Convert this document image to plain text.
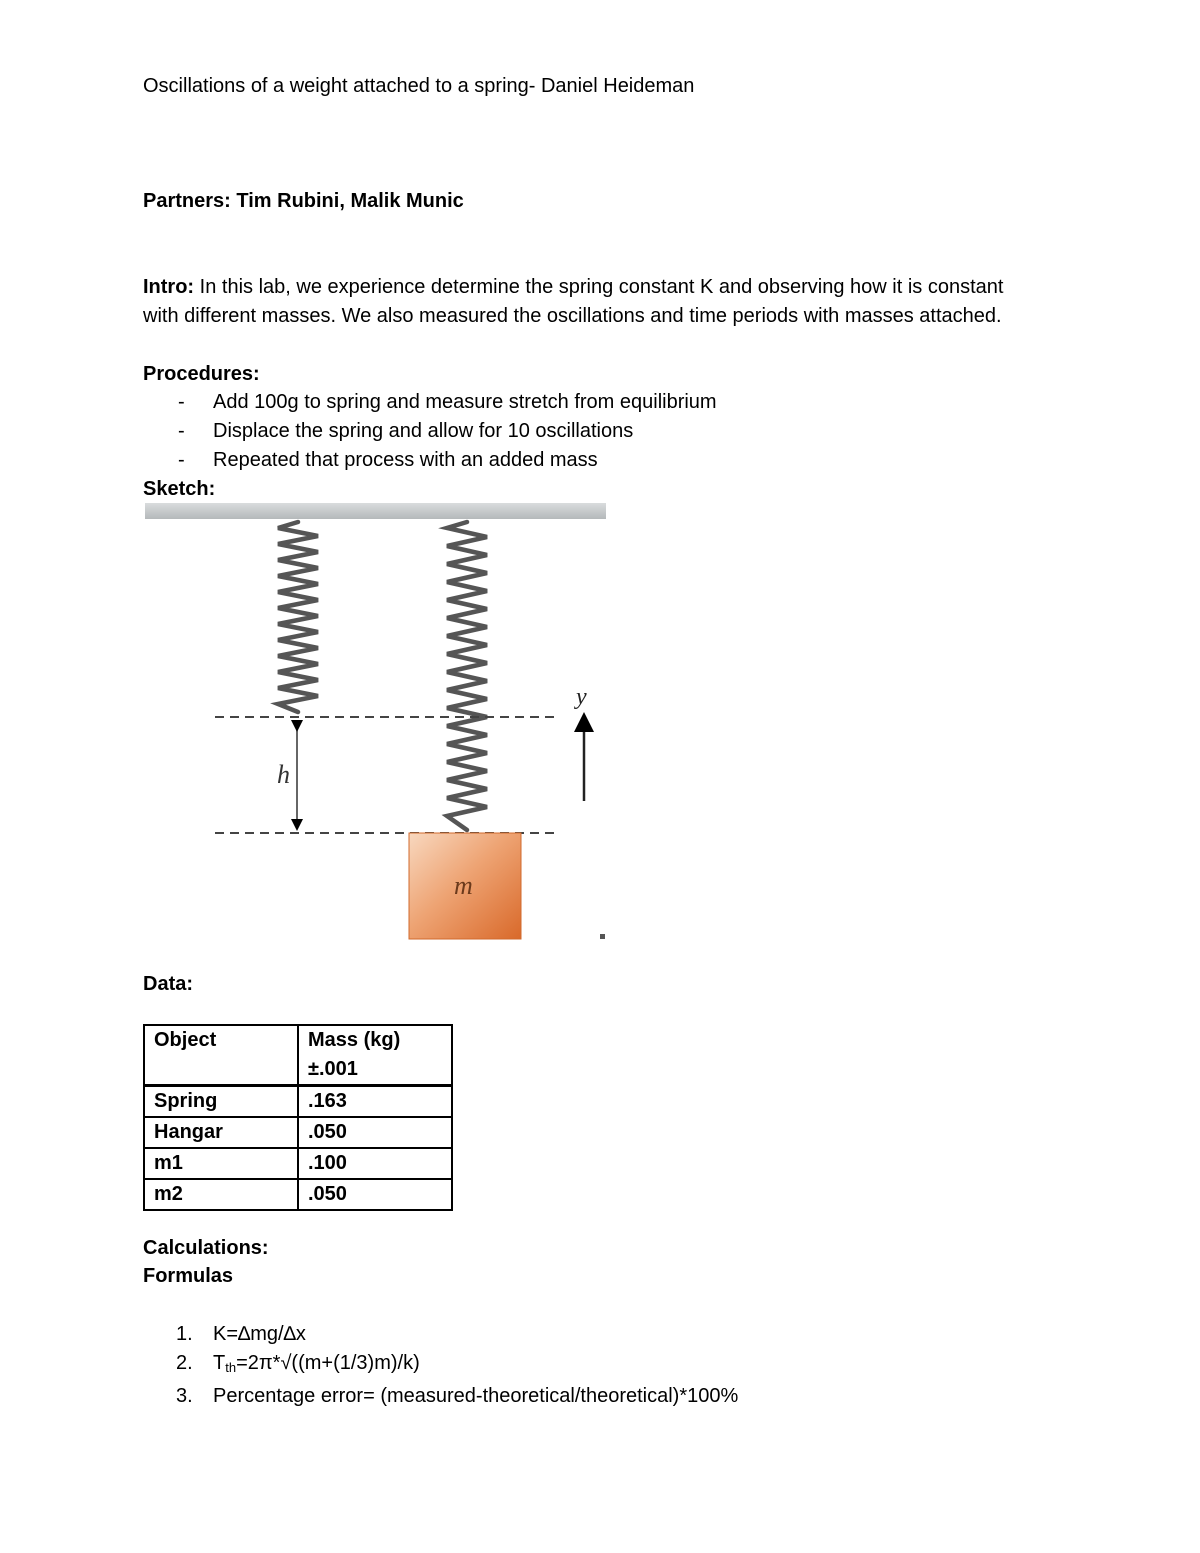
Oscillations of a weight attached to a spring- Daniel Heideman
Partners: Tim Rubini, Malik Munic
Intro: In this lab, we experience determine the spring constant K and observing how it is constant with different masses. We also measured the oscillations and time periods with masses attached.
Procedures:
- Add 100g to spring and measure stretch from equilibrium
- Displace the spring and allow for 10 oscillations
- Repeated that process with an added mass
Sketch:
h
y
m
Data:
Object	Mass (kg)
±.001

Spring	.163
Hangar	.050
m1	.100
m2	.050
Calculations:
Formulas
1. K=∆mg/∆x
2. $T_{th}=2\pi*√((m+(1/3)m)/k)$
3. Percentage error= (measured-theoretical/theoretical)*100%
